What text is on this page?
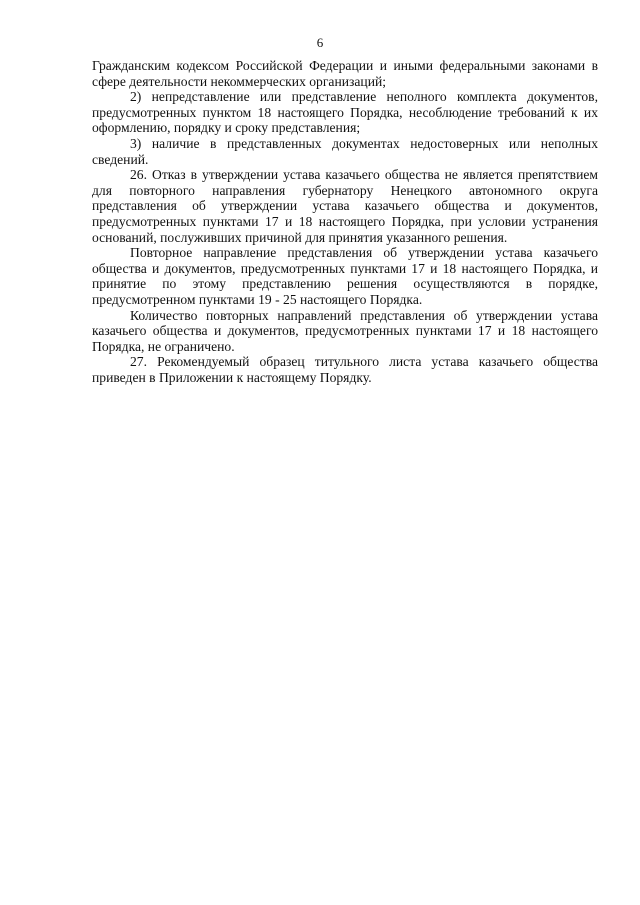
6

Гражданским кодексом Российской Федерации и иными федеральными законами в сфере деятельности некоммерческих организаций;

2) непредставление или представление неполного комплекта документов, предусмотренных пунктом 18 настоящего Порядка, несоблюдение требований к их оформлению, порядку и сроку представления;

3) наличие в представленных документах недостоверных или неполных сведений.

26. Отказ в утверждении устава казачьего общества не является препятствием для повторного направления губернатору Ненецкого автономного округа представления об утверждении устава казачьего общества и документов, предусмотренных пунктами 17 и 18 настоящего Порядка, при условии устранения оснований, послуживших причиной для принятия указанного решения.

Повторное направление представления об утверждении устава казачьего общества и документов, предусмотренных пунктами 17 и 18 настоящего Порядка, и принятие по этому представлению решения осуществляются в порядке, предусмотренном пунктами 19 - 25 настоящего Порядка.

Количество повторных направлений представления об утверждении устава казачьего общества и документов, предусмотренных пунктами 17 и 18 настоящего Порядка, не ограничено.

27. Рекомендуемый образец титульного листа устава казачьего общества приведен в Приложении к настоящему Порядку.
